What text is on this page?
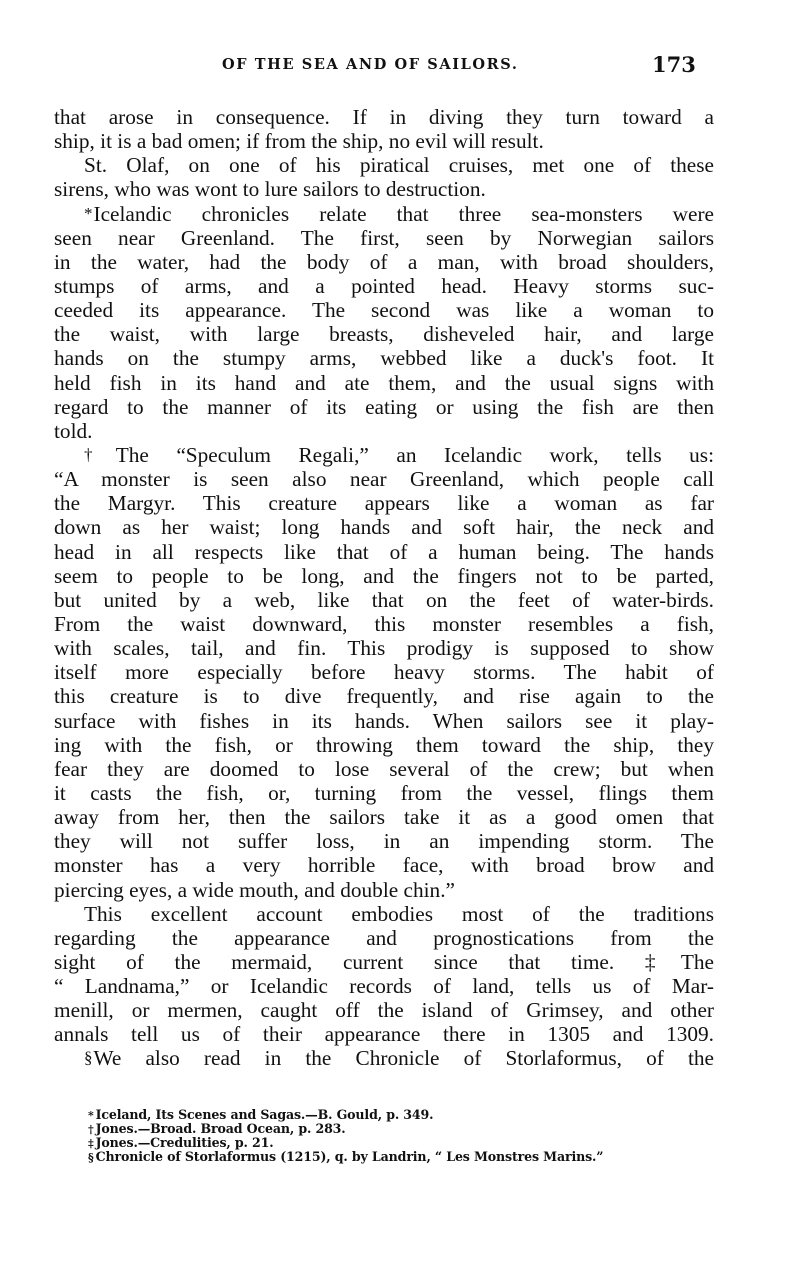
OF THE SEA AND OF SAILORS.	173
that arose in consequence. If in diving they turn toward a
ship, it is a bad omen; if from the ship, no evil will result.
St. Olaf, on one of his piratical cruises, met one of these
sirens, who was wont to lure sailors to destruction.
*Icelandic chronicles relate that three sea-monsters were
seen near Greenland. The first, seen by Norwegian sailors
in the water, had the body of a man, with broad shoulders,
stumps of arms, and a pointed head. Heavy storms suc-
ceeded its appearance. The second was like a woman to
the waist, with large breasts, disheveled hair, and large
hands on the stumpy arms, webbed like a duck's foot. It
held fish in its hand and ate them, and the usual signs with
regard to the manner of its eating or using the fish are then
told.
†The “Speculum Regali,” an Icelandic work, tells us:
“A monster is seen also near Greenland, which people call
the Margyr. This creature appears like a woman as far
down as her waist; long hands and soft hair, the neck and
head in all respects like that of a human being. The hands
seem to people to be long, and the fingers not to be parted,
but united by a web, like that on the feet of water-birds.
From the waist downward, this monster resembles a fish,
with scales, tail, and fin. This prodigy is supposed to show
itself more especially before heavy storms. The habit of
this creature is to dive frequently, and rise again to the
surface with fishes in its hands. When sailors see it play-
ing with the fish, or throwing them toward the ship, they
fear they are doomed to lose several of the crew; but when
it casts the fish, or, turning from the vessel, flings them
away from her, then the sailors take it as a good omen that
they will not suffer loss, in an impending storm. The
monster has a very horrible face, with broad brow and
piercing eyes, a wide mouth, and double chin.”
This excellent account embodies most of the traditions
regarding the appearance and prognostications from the
sight of the mermaid, current since that time. ‡The
“ Landnama,” or Icelandic records of land, tells us of Mar-
menill, or mermen, caught off the island of Grimsey, and other
annals tell us of their appearance there in 1305 and 1309.
§We also read in the Chronicle of Storlaformus, of the
* Iceland, Its Scenes and Sagas.—B. Gould, p. 349.
† Jones.—Broad. Broad Ocean, p. 283.
‡ Jones.—Credulities, p. 21.
§ Chronicle of Storlaformus (1215), q. by Landrin, “ Les Monstres Marins.”
